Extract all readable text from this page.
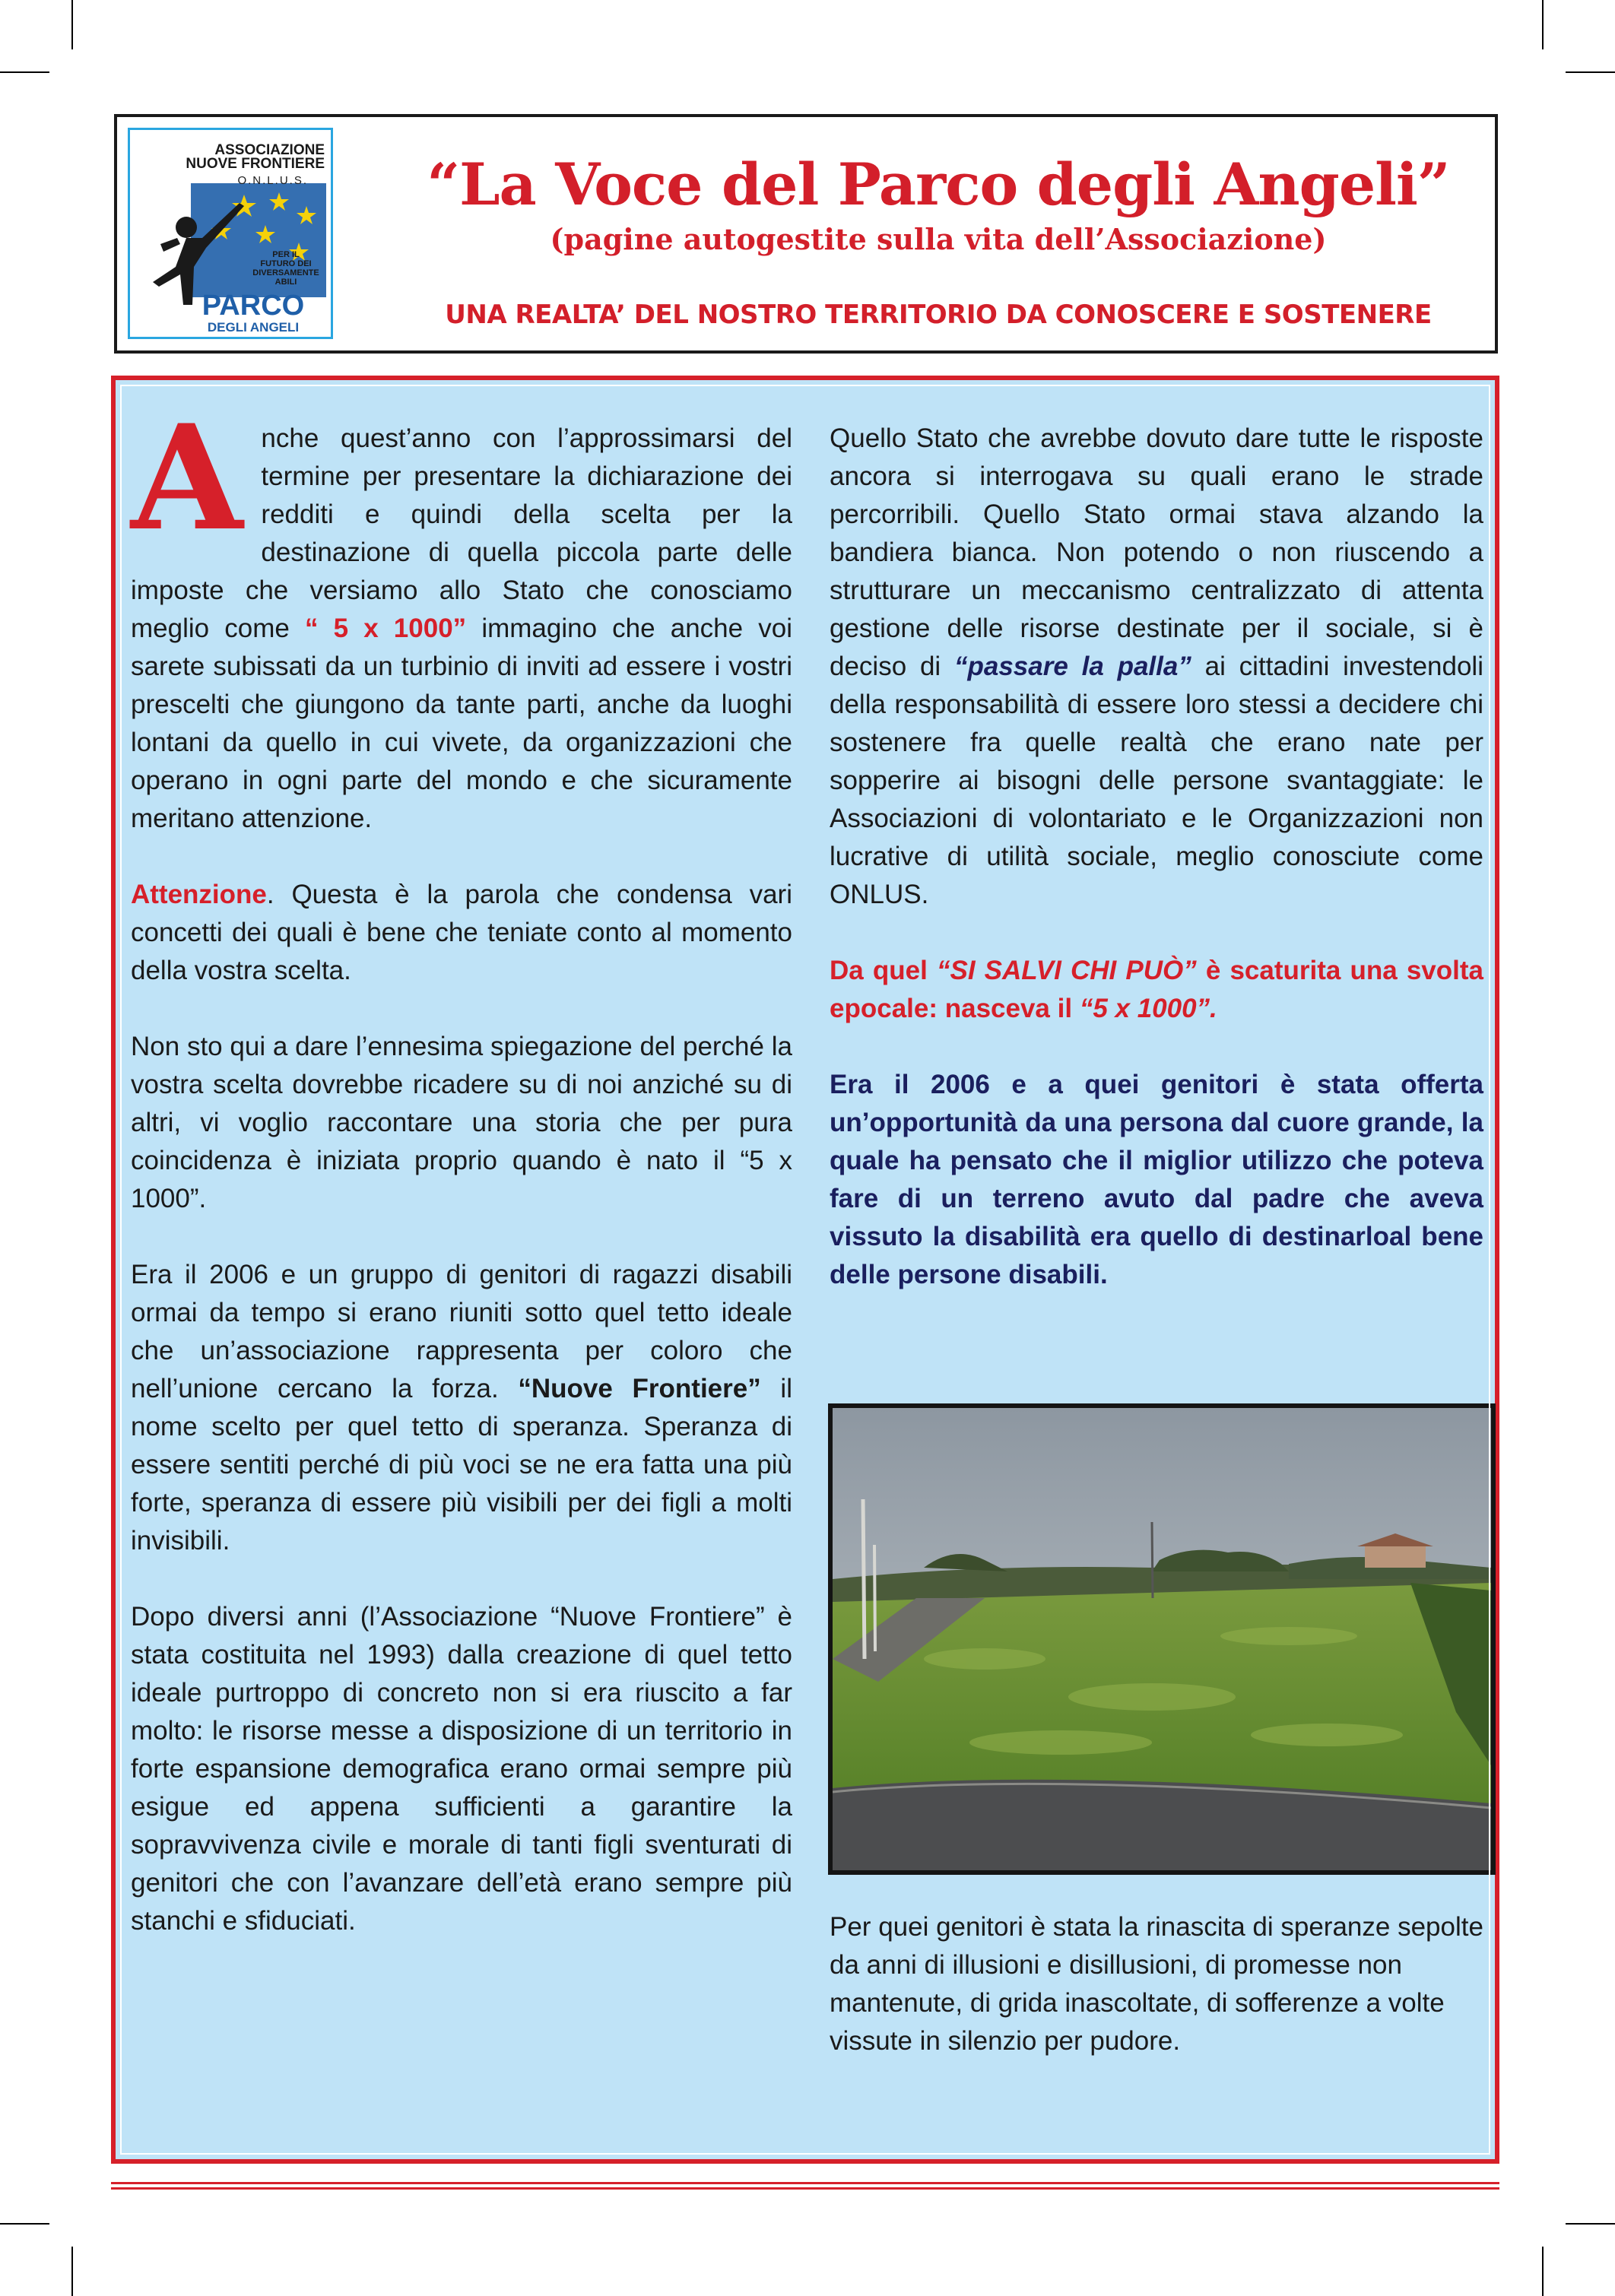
ASSOCIAZIONE
NUOVE FRONTIERE
O.N.L.U.S.
PER IL
FUTURO DEI
DIVERSAMENTE
ABILI
PARCO
DEGLI ANGELI
“La Voce del Parco degli Angeli”
(pagine autogestite sulla vita dell’Associazione)
UNA REALTA’ DEL NOSTRO TERRITORIO DA CONOSCERE E SOSTENERE

A nche quest’anno con l’approssimarsi del termine per presentare la dichiarazione dei redditi e quindi della scelta per la destinazione di quella piccola parte delle imposte che versiamo allo Stato che conosciamo meglio come “ 5 x 1000” immagino che anche voi sarete subissati da un turbinio di inviti ad essere i vostri prescelti che giungono da tante parti, anche da luoghi lontani da quello in cui vivete, da organizzazioni che operano in ogni parte del mondo e che sicuramente meritano attenzione.

Attenzione. Questa è la parola che condensa vari concetti dei quali è bene che teniate conto al momento della vostra scelta.

Non sto qui a dare l’ennesima spiegazione del perché la vostra scelta dovrebbe ricadere su di noi anziché su di altri, vi voglio raccontare una storia che per pura coincidenza è iniziata proprio quando è nato il “5 x 1000”.

Era il 2006 e un gruppo di genitori di ragazzi disabili ormai da tempo si erano riuniti sotto quel tetto ideale che un’associazione rappresenta per coloro che nell’unione cercano la forza. “Nuove Frontiere” il nome scelto per quel tetto di speranza. Speranza di essere sentiti perché di più voci se ne era fatta una più forte, speranza di essere più visibili per dei figli a molti invisibili.

Dopo diversi anni (l’Associazione “Nuove Frontiere” è stata costituita nel 1993) dalla creazione di quel tetto ideale purtroppo di concreto non si era riuscito a far molto: le risorse messe a disposizione di un territorio in forte espansione demografica erano ormai sempre più esigue ed appena sufficienti a garantire la sopravvivenza civile e morale di tanti figli sventurati di genitori che con l’avanzare dell’età erano sempre più stanchi e sfiduciati.

Quello Stato che avrebbe dovuto dare tutte le risposte ancora si interrogava su quali erano le strade percorribili. Quello Stato ormai stava alzando la bandiera bianca. Non potendo o non riuscendo a strutturare un meccanismo centralizzato di attenta gestione delle risorse destinate per il sociale, si è deciso di “passare la palla” ai cittadini investendoli della responsabilità di essere loro stessi a decidere chi sostenere fra quelle realtà che erano nate per sopperire ai bisogni delle persone svantaggiate: le Associazioni di volontariato e le Organizzazioni non lucrative di utilità sociale, meglio conosciute come ONLUS.

Da quel “SI SALVI CHI PUÒ” è scaturita una svolta epocale: nasceva il “5 x 1000”.

Era il 2006 e a quei genitori è stata offerta un’opportunità da una persona dal cuore grande, la quale ha pensato che il miglior utilizzo che poteva fare di un terreno avuto dal padre che aveva vissuto la disabilità era quello di destinarloal bene delle persone disabili.

Per quei genitori è stata la rinascita di speranze sepolte da anni di illusioni e disillusioni, di promesse non mantenute, di grida inascoltate, di sofferenze a volte vissute in silenzio per pudore.
